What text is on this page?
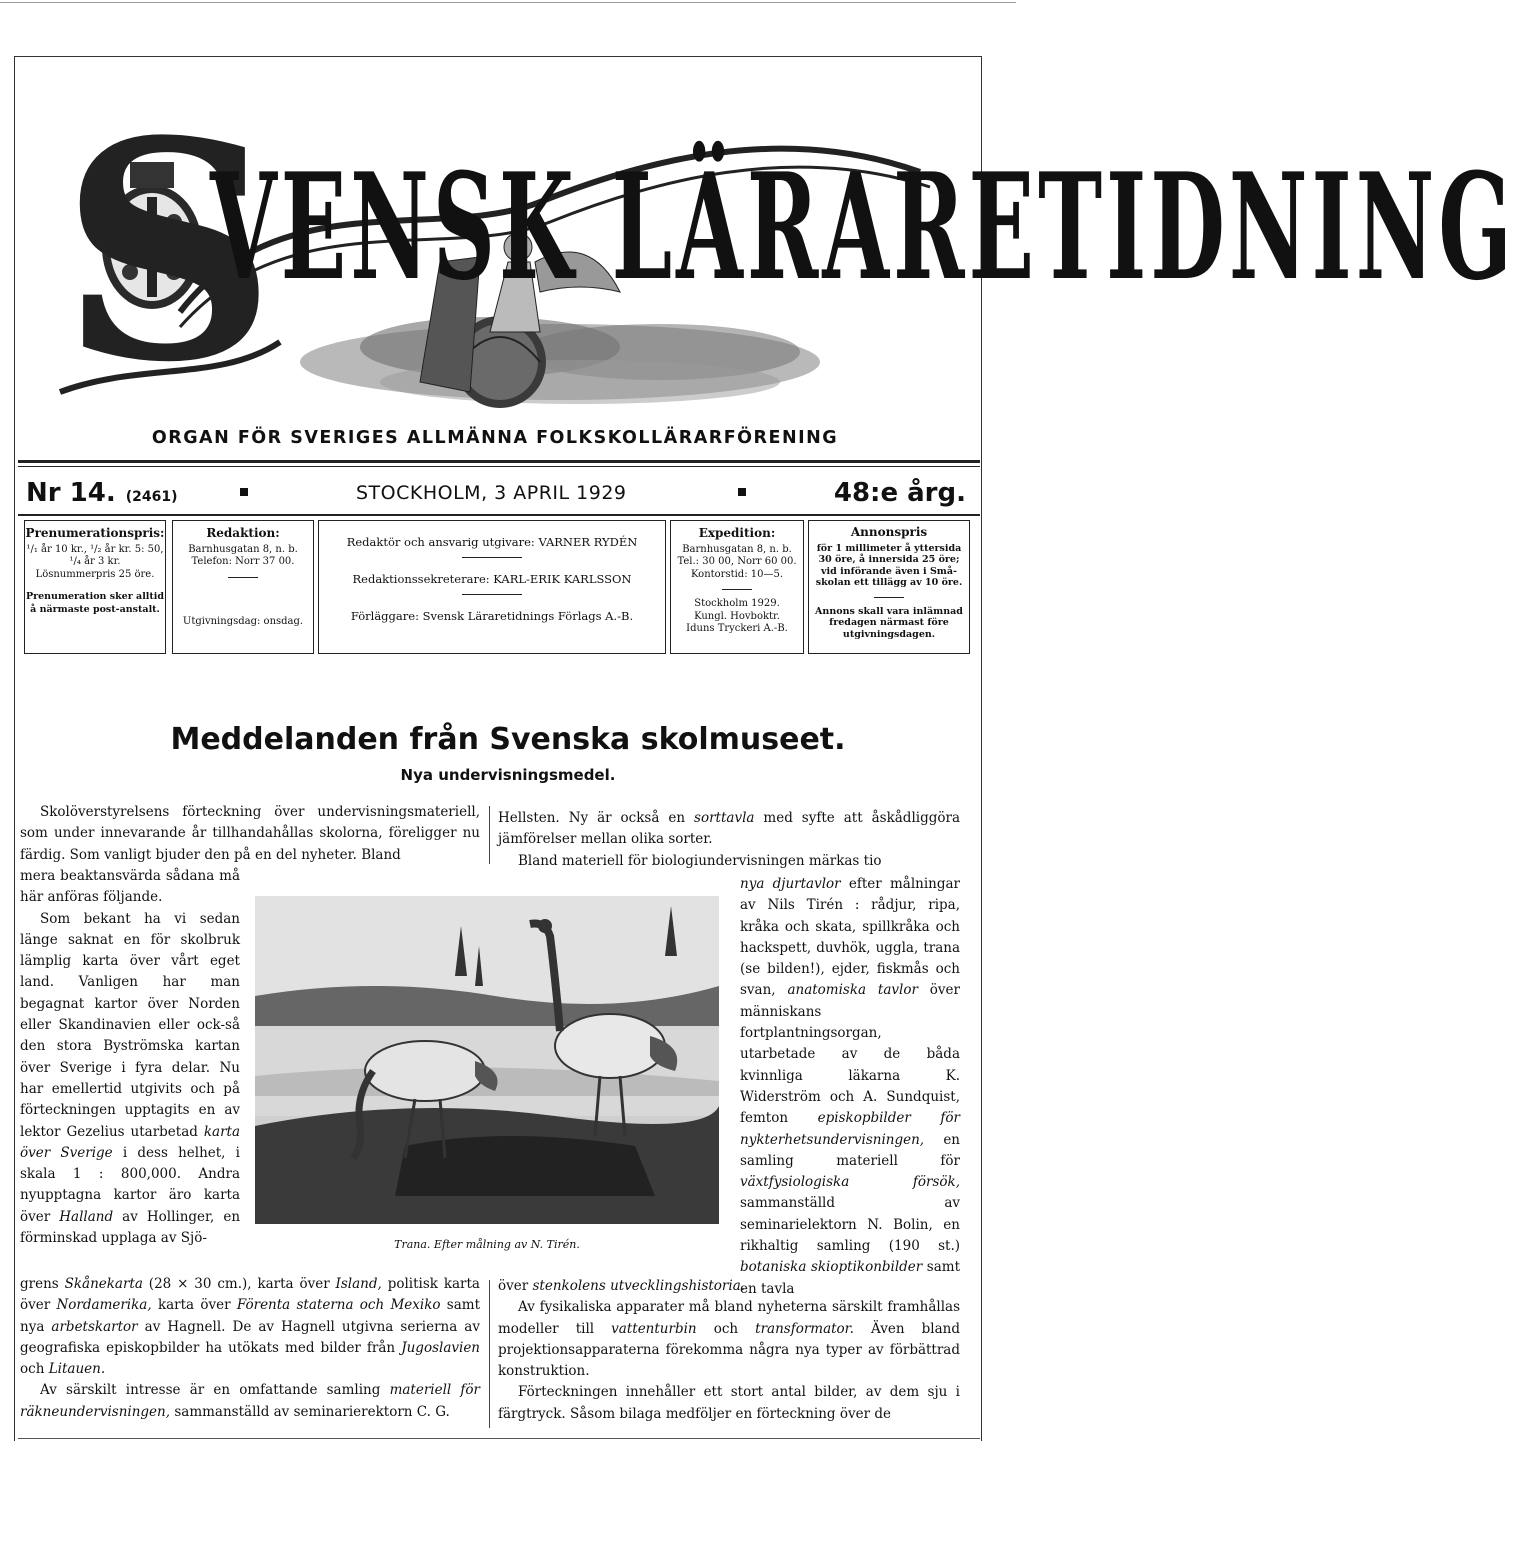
S
VENSK LÄRARETIDNING
ORGAN FÖR SVERIGES ALLMÄNNA FOLKSKOLLÄRARFÖRENING
Nr 14. (2461)	STOCKHOLM, 3 APRIL 1929	48:e årg.
Prenumerationspris:
¹/₁ år 10 kr., ¹/₂ år kr. 5: 50,
¹/₄ år 3 kr.
Lösnummerpris 25 öre.
Prenumeration sker alltid å närmaste post-anstalt.
Redaktion:
Barnhusgatan 8, n. b.
Telefon: Norr 37 00.
Utgivningsdag: onsdag.
Redaktör och ansvarig utgivare: VARNER RYDÉN
Redaktionssekreterare: KARL-ERIK KARLSSON
Förläggare: Svensk Läraretidnings Förlags A.-B.
Expedition:
Barnhusgatan 8, n. b.
Tel.: 30 00, Norr 60 00.
Kontorstid: 10—5.
Stockholm 1929.
Kungl. Hovboktr.
Iduns Tryckeri A.-B.
Annonspris
för 1 millimeter å yttersida 30 öre, å innersida 25 öre; vid införande även i Små-skolan ett tillägg av 10 öre.
Annons skall vara inlämnad fredagen närmast före utgivningsdagen.
Meddelanden från Svenska skolmuseet.
Nya undervisningsmedel.

Skolöverstyrelsens förteckning över undervisningsmateriell, som under innevarande år tillhandahållas skolorna, föreligger nu färdig. Som vanligt bjuder den på en del nyheter. Bland

mera beaktansvärda sådana må här anföras följande.

Som bekant ha vi sedan länge saknat en för skolbruk lämplig karta över vårt eget land. Vanligen har man begagnat kartor över Norden eller Skandinavien eller ock-så den stora Byströmska kartan över Sverige i fyra delar. Nu har emellertid utgivits och på förteckningen upptagits en av lektor Gezelius utarbetad karta över Sverige i dess helhet, i skala 1 : 800,000. Andra nyupptagna kartor äro karta över Halland av Hollinger, en förminskad upplaga av Sjö-

grens Skånekarta (28 × 30 cm.), karta över Island, politisk karta över Nordamerika, karta över Förenta staterna och Mexiko samt nya arbetskartor av Hagnell. De av Hagnell utgivna serierna av geografiska episkopbilder ha utökats med bilder från Jugoslavien och Litauen.

Av särskilt intresse är en omfattande samling materiell för räkneundervisningen, sammanställd av seminarierektorn C. G.

Hellsten. Ny är också en sorttavla med syfte att åskådliggöra jämförelser mellan olika sorter.

Bland materiell för biologiundervisningen märkas tio

nya djurtavlor efter målningar av Nils Tirén : rådjur, ripa, kråka och skata, spillkråka och hackspett, duvhök, uggla, trana (se bilden!), ejder, fiskmås och svan, anatomiska tavlor över människans fortplantningsorgan, utarbetade av de båda kvinnliga läkarna K. Widerström och A. Sundquist, femton episkopbilder för nykterhetsundervisningen, en samling materiell för växtfysiologiska försök, sammanställd av seminarielektorn N. Bolin, en rikhaltig samling (190 st.) botaniska skioptikonbilder samt en tavla

över stenkolens utvecklingshistoria.

Av fysikaliska apparater må bland nyheterna särskilt framhållas modeller till vattenturbin och transformator. Även bland projektionsapparaterna förekomma några nya typer av förbättrad konstruktion.

Förteckningen innehåller ett stort antal bilder, av dem sju i färgtryck. Såsom bilaga medföljer en förteckning över de

Trana. Efter målning av N. Tirén.
